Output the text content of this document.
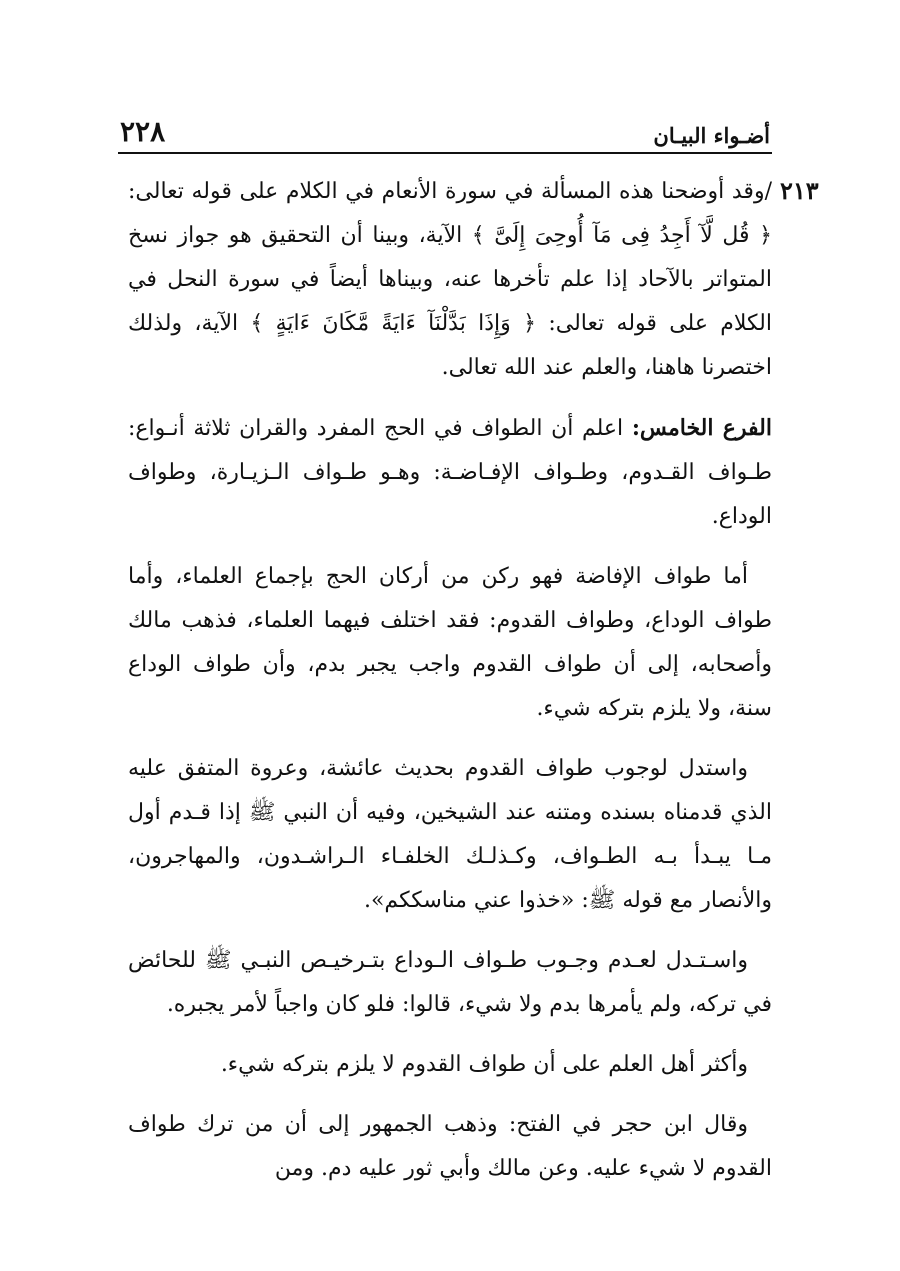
٢٢٨	أضـواء البيـان
٢١٣

/وقد أوضحنا هذه المسألة في سورة الأنعام في الكلام على قوله تعالى: ﴿ قُل لَّآ أَجِدُ فِى مَآ أُوحِىَ إِلَىَّ ﴾ الآية، وبينا أن التحقيق هو جواز نسخ المتواتر بالآحاد إذا علم تأخرها عنه، وبيناها أيضاً في سورة النحل في الكلام على قوله تعالى: ﴿ وَإِذَا بَدَّلْنَآ ءَايَةً مَّكَانَ ءَايَةٍ ﴾ الآية، ولذلك اختصرنا هاهنا، والعلم عند الله تعالى.

الفرع الخامس: اعلم أن الطواف في الحج المفرد والقران ثلاثة أنـواع: طـواف القـدوم، وطـواف الإفـاضـة: وهـو طـواف الـزيـارة، وطواف الوداع.

أما طواف الإفاضة فهو ركن من أركان الحج بإجماع العلماء، وأما طواف الوداع، وطواف القدوم: فقد اختلف فيهما العلماء، فذهب مالك وأصحابه، إلى أن طواف القدوم واجب يجبر بدم، وأن طواف الوداع سنة، ولا يلزم بتركه شيء.

واستدل لوجوب طواف القدوم بحديث عائشة، وعروة المتفق عليه الذي قدمناه بسنده ومتنه عند الشيخين، وفيه أن النبي ﷺ إذا قـدم أول مـا يبـدأ بـه الطـواف، وكـذلـك الخلفـاء الـراشـدون، والمهاجرون، والأنصار مع قوله ﷺ: «خذوا عني مناسككم».

واسـتـدل لعـدم وجـوب طـواف الـوداع بتـرخيـص النبـي ﷺ للحائض في تركه، ولم يأمرها بدم ولا شيء، قالوا: فلو كان واجباً لأمر يجبره.

وأكثر أهل العلم على أن طواف القدوم لا يلزم بتركه شيء.

وقال ابن حجر في الفتح: وذهب الجمهور إلى أن من ترك طواف القدوم لا شيء عليه. وعن مالك وأبي ثور عليه دم. ومن
